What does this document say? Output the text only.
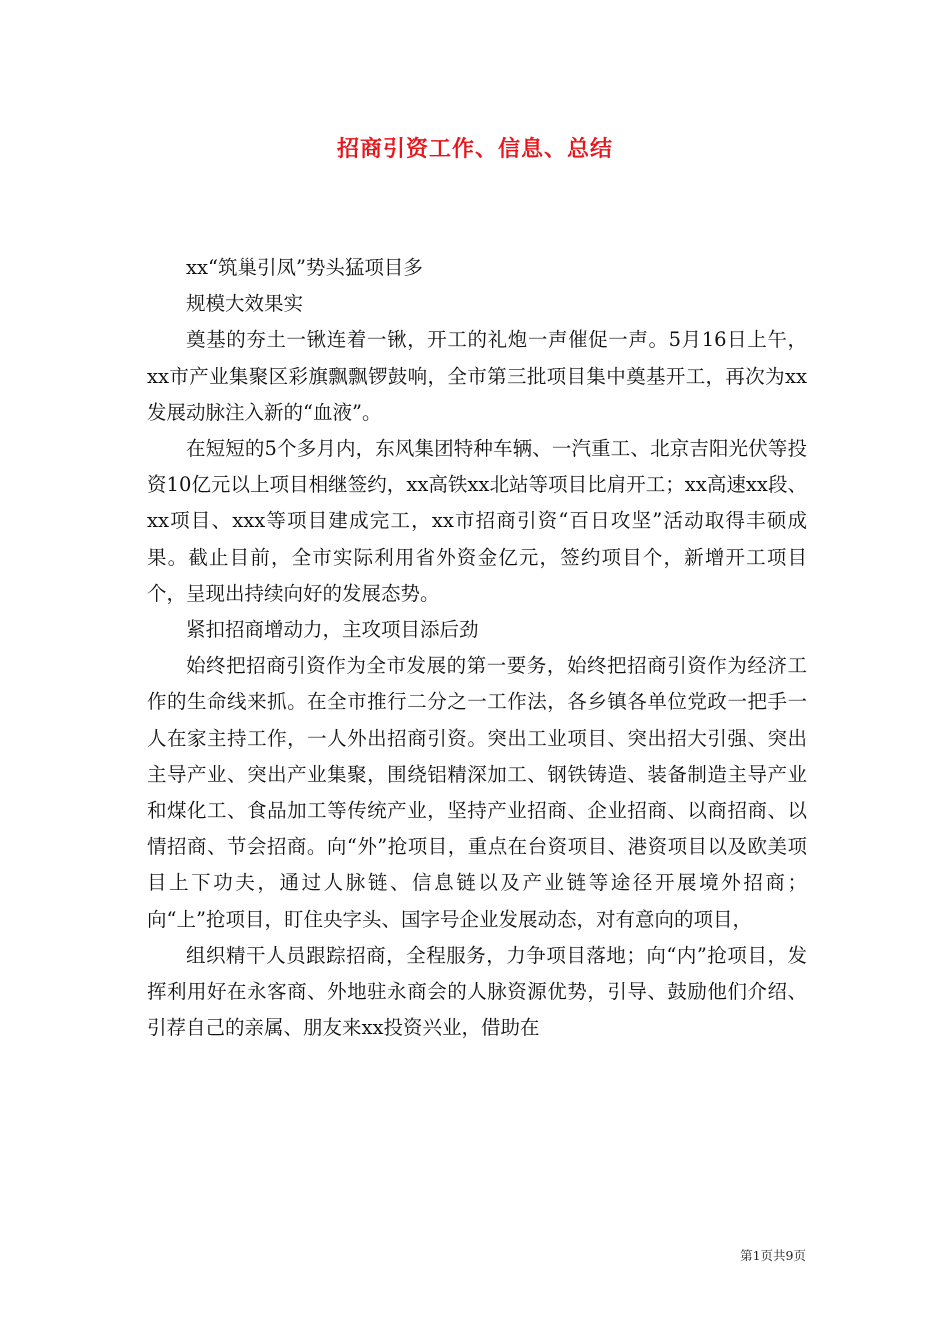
招商引资工作、信息、总结

xx“筑巢引凤”势头猛项目多

规模大效果实

奠基的夯土一锹连着一锹，开工的礼炮一声催促一声。5月16日上午，xx市产业集聚区彩旗飘飘锣鼓响，全市第三批项目集中奠基开工，再次为xx发展动脉注入新的“血液”。

在短短的5个多月内，东风集团特种车辆、一汽重工、北京吉阳光伏等投资10亿元以上项目相继签约，xx高铁xx北站等项目比肩开工；xx高速xx段、xx项目、xxx等项目建成完工，xx市招商引资“百日攻坚”活动取得丰硕成果。截止目前，全市实际利用省外资金亿元，签约项目个，新增开工项目个，呈现出持续向好的发展态势。

紧扣招商增动力，主攻项目添后劲

始终把招商引资作为全市发展的第一要务，始终把招商引资作为经济工作的生命线来抓。在全市推行二分之一工作法，各乡镇各单位党政一把手一人在家主持工作，一人外出招商引资。突出工业项目、突出招大引强、突出主导产业、突出产业集聚，围绕铝精深加工、钢铁铸造、装备制造主导产业和煤化工、食品加工等传统产业，坚持产业招商、企业招商、以商招商、以情招商、节会招商。向“外”抢项目，重点在台资项目、港资项目以及欧美项目上下功夫，通过人脉链、信息链以及产业链等途径开展境外招商；向“上”抢项目，盯住央字头、国字号企业发展动态，对有意向的项目，

组织精干人员跟踪招商，全程服务，力争项目落地；向“内”抢项目，发挥利用好在永客商、外地驻永商会的人脉资源优势，引导、鼓励他们介绍、引荐自己的亲属、朋友来xx投资兴业，借助在

第1页共9页
